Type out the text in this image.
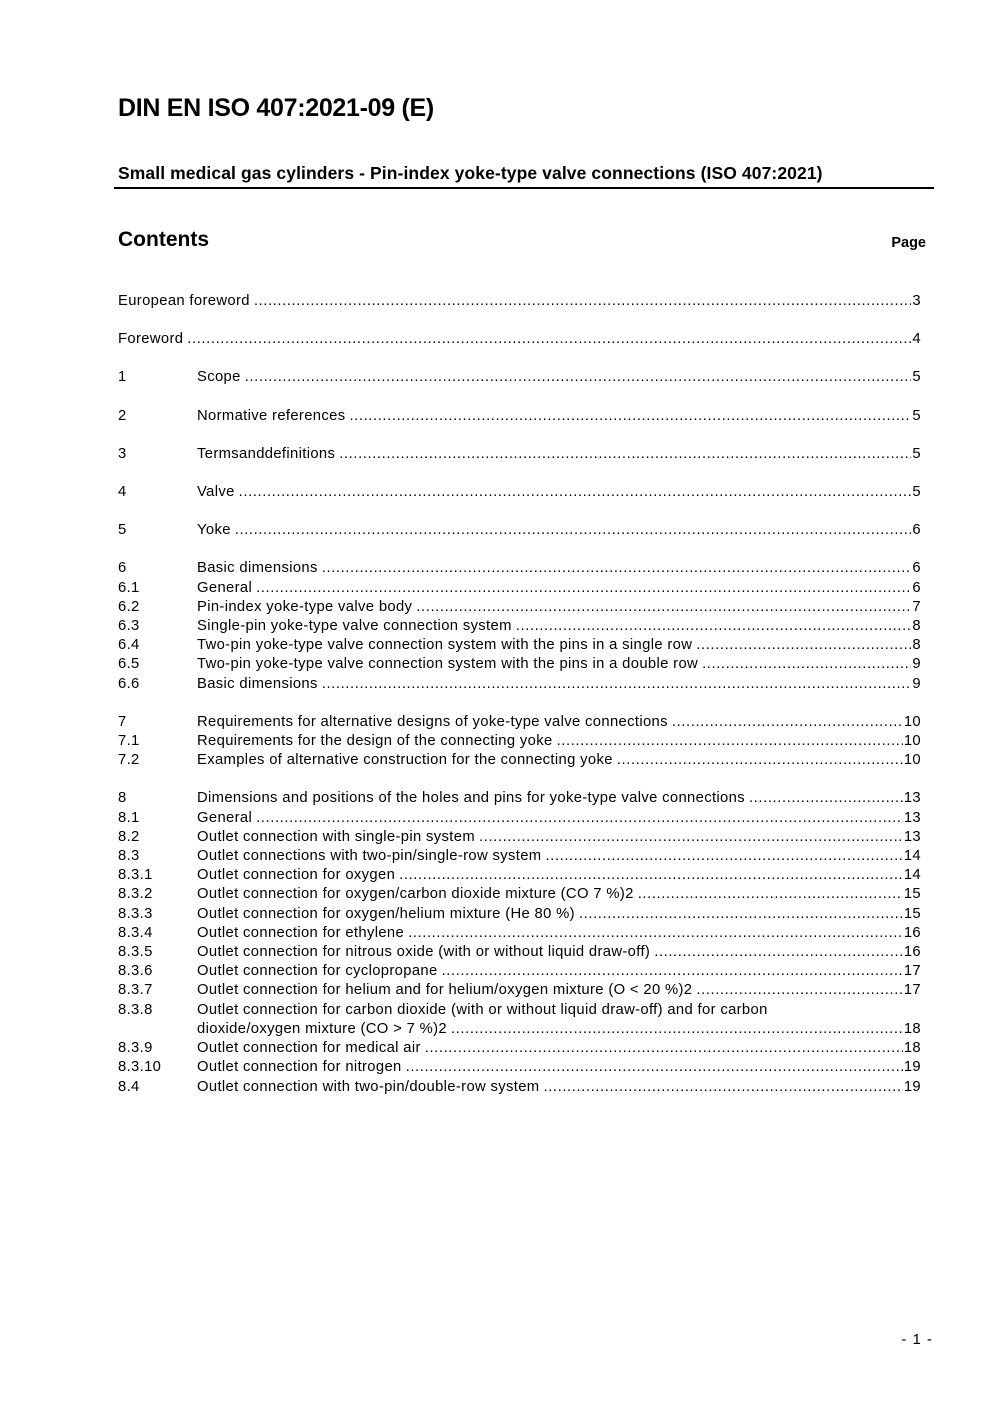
DIN EN ISO 407:2021-09 (E)
Small medical gas cylinders - Pin-index yoke-type valve connections (ISO 407:2021)
Contents	Page
European foreword .....	3
Foreword .....	4
1	Scope .....	5
2	Normative references .....	5
3	Termsanddefinitions .....	5
4	Valve .....	5
5	Yoke .....	6
6	Basic dimensions .....	6
6.1	General .....	6
6.2	Pin-index yoke-type valve body .....	7
6.3	Single-pin yoke-type valve connection system .....	8
6.4	Two-pin yoke-type valve connection system with the pins in a single row .....	8
6.5	Two-pin yoke-type valve connection system with the pins in a double row .....	9
6.6	Basic dimensions .....	9
7	Requirements for alternative designs of yoke-type valve connections .....	10
7.1	Requirements for the design of the connecting yoke .....	10
7.2	Examples of alternative construction for the connecting yoke .....	10
8	Dimensions and positions of the holes and pins for yoke-type valve connections .....	13
8.1	General .....	13
8.2	Outlet connection with single-pin system .....	13
8.3	Outlet connections with two-pin/single-row system .....	14
8.3.1	Outlet connection for oxygen .....	14
8.3.2	Outlet connection for oxygen/carbon dioxide mixture (CO 7 %)2 .....	15
8.3.3	Outlet connection for oxygen/helium mixture (He 80 %) .....	15
8.3.4	Outlet connection for ethylene .....	16
8.3.5	Outlet connection for nitrous oxide (with or without liquid draw-off) .....	16
8.3.6	Outlet connection for cyclopropane .....	17
8.3.7	Outlet connection for helium and for helium/oxygen mixture (O < 20 %)2 .....	17
8.3.8	Outlet connection for carbon dioxide (with or without liquid draw-off) and for carbon
dioxide/oxygen mixture (CO > 7 %)2 .....	18
8.3.9	Outlet connection for medical air .....	18
8.3.10 Outlet connection for nitrogen .....	19
8.4	Outlet connection with two-pin/double-row system .....	19
- 1 -
